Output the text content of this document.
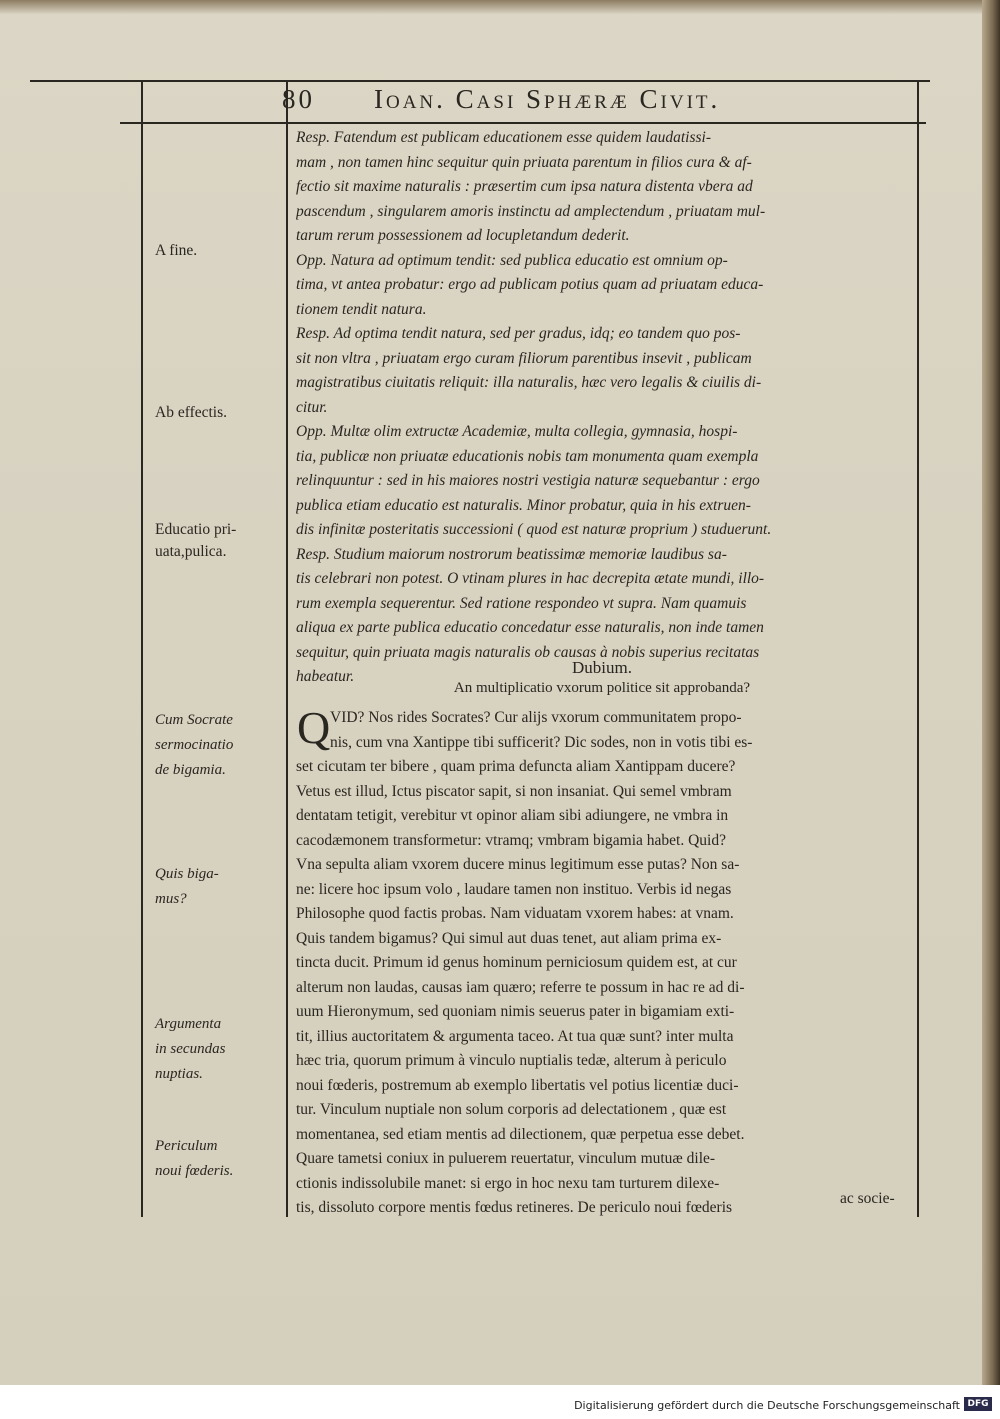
80 Ioan. Casi Sphæræ Civit.
A fine.
Ab effectis.
Educatio pri-
uata,pulica.
Cum Socrate
sermocinatio
de bigamia.
Quis biga-
mus?
Argumenta
in secundas
nuptias.
Periculum
noui fœderis.
Resp. Fatendum est publicam educationem esse quidem laudatissi-
mam , non tamen hinc sequitur quin priuata parentum in filios cura & af-
fectio sit maxime naturalis : præsertim cum ipsa natura distenta vbera ad
pascendum , singularem amoris instinctu ad amplectendum , priuatam mul-
tarum rerum possessionem ad locupletandum dederit.
Opp. Natura ad optimum tendit: sed publica educatio est omnium op-
tima, vt antea probatur: ergo ad publicam potius quam ad priuatam educa-
tionem tendit natura.
Resp. Ad optima tendit natura, sed per gradus, idq; eo tandem quo pos-
sit non vltra , priuatam ergo curam filiorum parentibus insevit , publicam
magistratibus ciuitatis reliquit: illa naturalis, hæc vero legalis & ciuilis di-
citur.
Opp. Multæ olim extructæ Academiæ, multa collegia, gymnasia, hospi-
tia, publicæ non priuatæ educationis nobis tam monumenta quam exempla
relinquuntur : sed in his maiores nostri vestigia naturæ sequebantur : ergo
publica etiam educatio est naturalis. Minor probatur, quia in his extruen-
dis infinitæ posteritatis successioni ( quod est naturæ proprium ) studuerunt.
Resp. Studium maiorum nostrorum beatissimæ memoriæ laudibus sa-
tis celebrari non potest. O vtinam plures in hac decrepita ætate mundi, illo-
rum exempla sequerentur. Sed ratione respondeo vt supra. Nam quamuis
aliqua ex parte publica educatio concedatur esse naturalis, non inde tamen
sequitur, quin priuata magis naturalis ob causas à nobis superius recitatas
habeatur.	Dubium.
An multiplicatio vxorum politice sit approbanda?
Q VID? Nos rides Socrates? Cur alijs vxorum communitatem propo-
nis, cum vna Xantippe tibi sufficerit? Dic sodes, non in votis tibi es-
set cicutam ter bibere , quam prima defuncta aliam Xantippam ducere?
Vetus est illud, Ictus piscator sapit, si non insaniat. Qui semel vmbram
dentatam tetigit, verebitur vt opinor aliam sibi adiungere, ne vmbra in
cacodæmonem transformetur: vtramq; vmbram bigamia habet. Quid?
Vna sepulta aliam vxorem ducere minus legitimum esse putas? Non sa-
ne: licere hoc ipsum volo , laudare tamen non instituo. Verbis id negas
Philosophe quod factis probas. Nam viduatam vxorem habes: at vnam.
Quis tandem bigamus? Qui simul aut duas tenet, aut aliam prima ex-
tincta ducit. Primum id genus hominum perniciosum quidem est, at cur
alterum non laudas, causas iam quæro; referre te possum in hac re ad di-
uum Hieronymum, sed quoniam nimis seuerus pater in bigamiam exti-
tit, illius auctoritatem & argumenta taceo. At tua quæ sunt? inter multa
hæc tria, quorum primum à vinculo nuptialis tedæ, alterum à periculo
noui fœderis, postremum ab exemplo libertatis vel potius licentiæ duci-
tur. Vinculum nuptiale non solum corporis ad delectationem , quæ est
momentanea, sed etiam mentis ad dilectionem, quæ perpetua esse debet.
Quare tametsi coniux in puluerem reuertatur, vinculum mutuæ dile-
ctionis indissolubile manet: si ergo in hoc nexu tam turturem dilexe-
tis, dissoluto corpore mentis fœdus retineres. De periculo noui fœderis
ac socie-
Digitalisierung gefördert durch die Deutsche Forschungsgemeinschaft DFG
